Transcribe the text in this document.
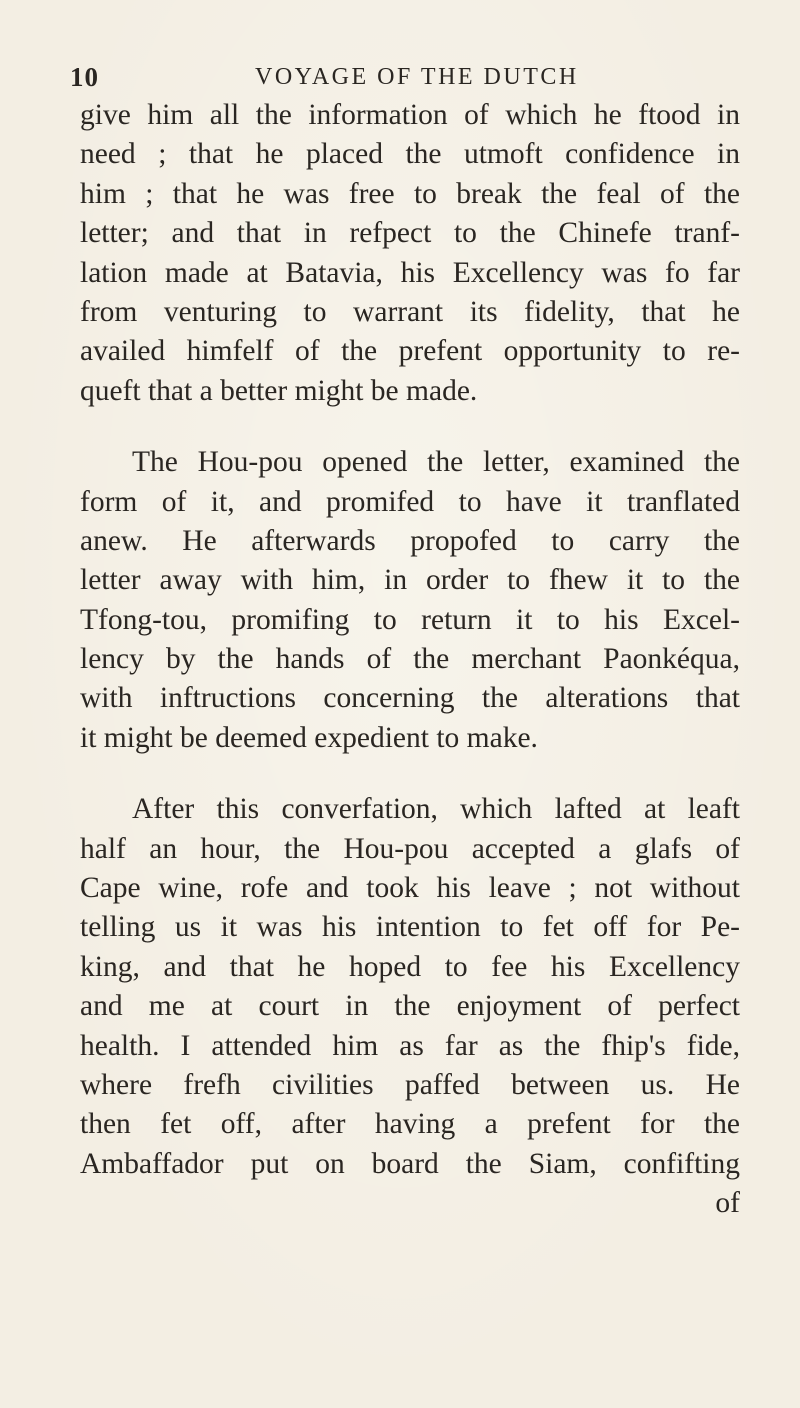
10	VOYAGE OF THE DUTCH
give him all the information of which he ftood in
need ; that he placed the utmoft confidence in
him ; that he was free to break the feal of the
letter; and that in refpect to the Chinefe tranf-
lation made at Batavia, his Excellency was fo far
from venturing to warrant its fidelity, that he
availed himfelf of the prefent opportunity to re-
queft that a better might be made.
The Hou-pou opened the letter, examined the
form of it, and promifed to have it tranflated
anew. He afterwards propofed to carry the
letter away with him, in order to fhew it to the
Tfong-tou, promifing to return it to his Excel-
lency by the hands of the merchant Paonkéqua,
with inftructions concerning the alterations that
it might be deemed expedient to make.
After this converfation, which lafted at leaft
half an hour, the Hou-pou accepted a glafs of
Cape wine, rofe and took his leave ; not without
telling us it was his intention to fet off for Pe-
king, and that he hoped to fee his Excellency
and me at court in the enjoyment of perfect
health. I attended him as far as the fhip's fide,
where frefh civilities paffed between us. He
then fet off, after having a prefent for the
Ambaffador put on board the Siam, confifting
of
